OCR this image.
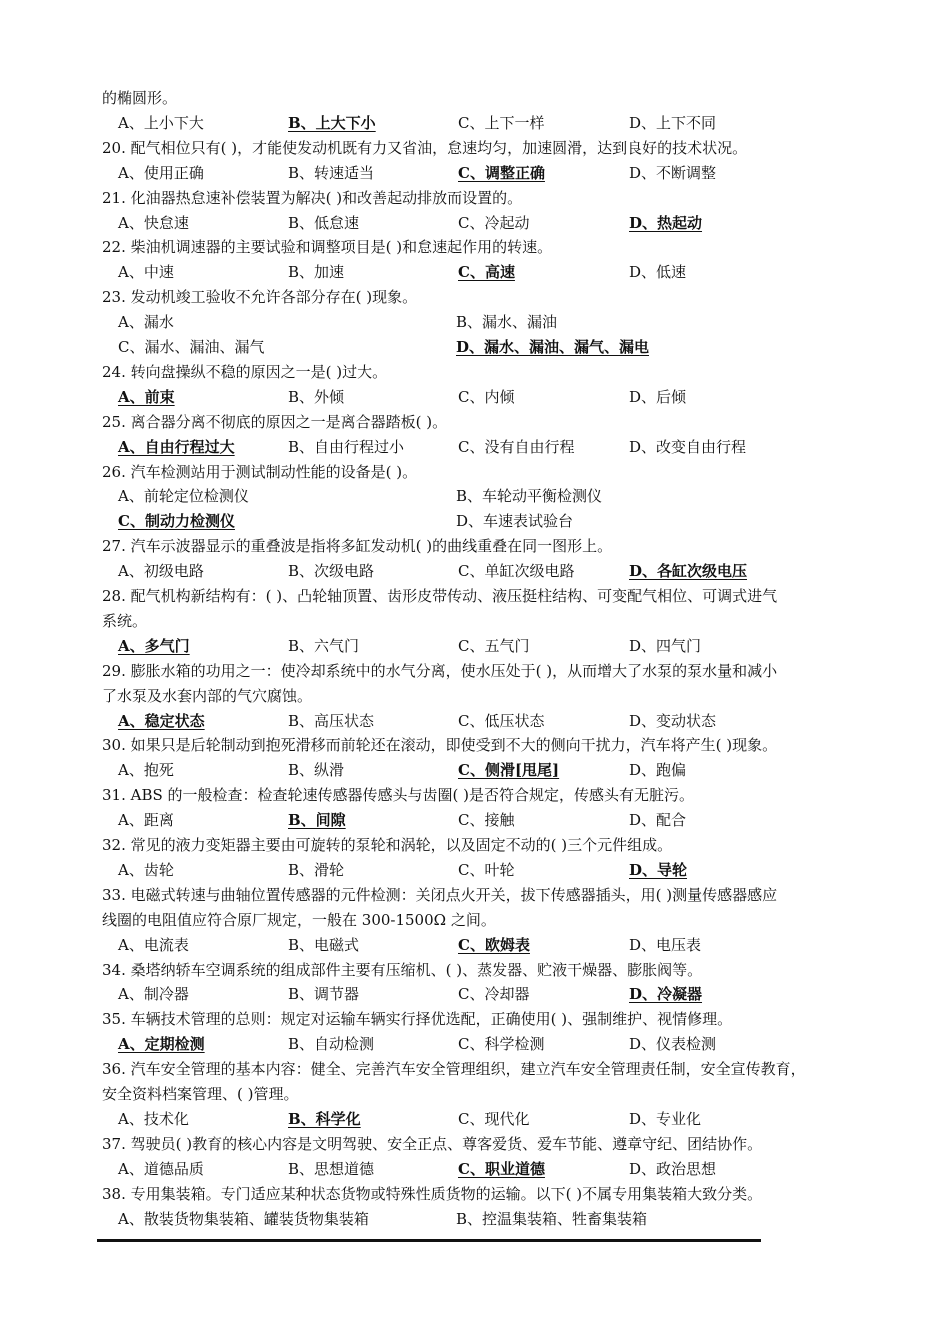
的椭圆形。
A、上小下大	B、上大下小	C、上下一样	D、上下不同
20. 配气相位只有( )，才能使发动机既有力又省油，怠速均匀，加速圆滑，达到良好的技术状况。
A、使用正确	B、转速适当	C、调整正确	D、不断调整
21. 化油器热怠速补偿装置为解决( )和改善起动排放而设置的。
A、快怠速	B、低怠速	C、冷起动	D、热起动
22. 柴油机调速器的主要试验和调整项目是( )和怠速起作用的转速。
A、中速	B、加速	C、高速	D、低速
23. 发动机竣工验收不允许各部分存在( )现象。
A、漏水	B、漏水、漏油
C、漏水、漏油、漏气	D、漏水、漏油、漏气、漏电
24. 转向盘操纵不稳的原因之一是( )过大。
A、前束	B、外倾	C、内倾	D、后倾
25. 离合器分离不彻底的原因之一是离合器踏板( )。
A、自由行程过大	B、自由行程过小	C、没有自由行程	D、改变自由行程
26. 汽车检测站用于测试制动性能的设备是( )。
A、前轮定位检测仪	B、车轮动平衡检测仪
C、制动力检测仪	D、车速表试验台
27. 汽车示波器显示的重叠波是指将多缸发动机( )的曲线重叠在同一图形上。
A、初级电路	B、次级电路	C、单缸次级电路	D、各缸次级电压
28. 配气机构新结构有：( )、凸轮轴顶置、齿形皮带传动、液压挺柱结构、可变配气相位、可调式进气
系统。
A、多气门	B、六气门	C、五气门	D、四气门
29. 膨胀水箱的功用之一：使冷却系统中的水气分离，使水压处于( )，从而增大了水泵的泵水量和减小
了水泵及水套内部的气穴腐蚀。
A、稳定状态	B、高压状态	C、低压状态	D、变动状态
30. 如果只是后轮制动到抱死滑移而前轮还在滚动，即使受到不大的侧向干扰力，汽车将产生( )现象。
A、抱死	B、纵滑	C、侧滑[甩尾]	D、跑偏
31. ABS 的一般检查：检查轮速传感器传感头与齿圈( )是否符合规定，传感头有无脏污。
A、距离	B、间隙	C、接触	D、配合
32. 常见的液力变矩器主要由可旋转的泵轮和涡轮，以及固定不动的( )三个元件组成。
A、齿轮	B、滑轮	C、叶轮	D、导轮
33. 电磁式转速与曲轴位置传感器的元件检测：关闭点火开关，拔下传感器插头，用( )测量传感器感应
线圈的电阻值应符合原厂规定，一般在 300-1500Ω 之间。
A、电流表	B、电磁式	C、欧姆表	D、电压表
34. 桑塔纳轿车空调系统的组成部件主要有压缩机、( )、蒸发器、贮液干燥器、膨胀阀等。
A、制冷器	B、调节器	C、冷却器	D、冷凝器
35. 车辆技术管理的总则：规定对运输车辆实行择优选配，正确使用( )、强制维护、视情修理。
A、定期检测	B、自动检测	C、科学检测	D、仪表检测
36. 汽车安全管理的基本内容：健全、完善汽车安全管理组织，建立汽车安全管理责任制，安全宣传教育，
安全资料档案管理、( )管理。
A、技术化	B、科学化	C、现代化	D、专业化
37. 驾驶员( )教育的核心内容是文明驾驶、安全正点、尊客爱货、爱车节能、遵章守纪、团结协作。
A、道德品质	B、思想道德	C、职业道德	D、政治思想
38. 专用集装箱。专门适应某种状态货物或特殊性质货物的运输。以下( )不属专用集装箱大致分类。
A、散装货物集装箱、罐装货物集装箱	B、控温集装箱、牲畜集装箱
